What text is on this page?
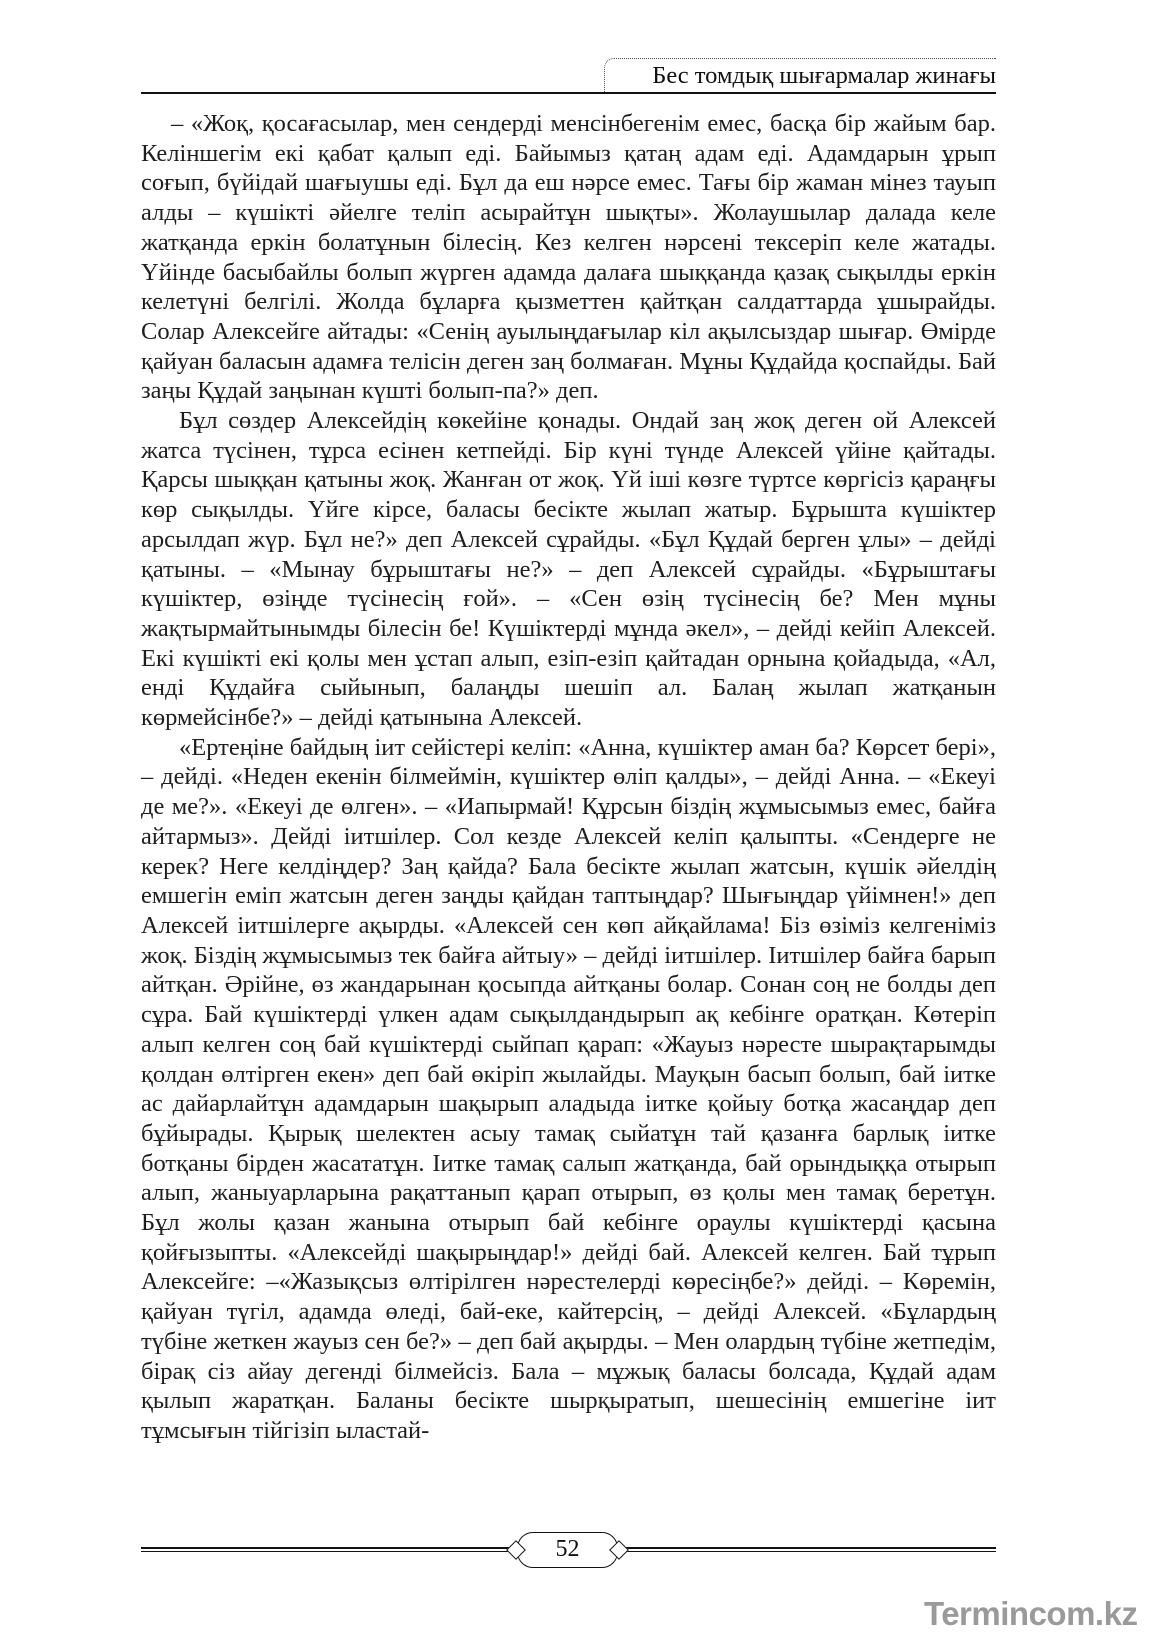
Бес томдық шығармалар жинағы

– «Жоқ, қосағасылар, мен сендерді менсінбегенім емес, басқа бір жайым бар. Келіншегім екі қабат қалып еді. Байымыз қатаң адам еді. Адамдарын ұрып соғып, бүйідай шағыушы еді. Бұл да еш нәрсе емес. Тағы бір жаман мінез тауып алды – күшікті әйелге теліп асырайтұн шықты». Жолаушылар далада келе жатқанда еркін болатұнын білесің. Кез келген нәрсені тексеріп келе жатады. Үйінде басыбайлы болып жүрген адамда далаға шыққанда қазақ сықылды еркін келетүні белгілі. Жолда бұларға қызметтен қайтқан салдаттарда ұшырайды. Солар Алексейге айтады: «Сенің ауылыңдағылар кіл ақылсыздар шығар. Өмірде қайуан баласын адамға телісін деген заң болмаған. Мұны Құдайда қоспайды. Бай заңы Құдай заңынан күшті болып-па?» деп.

Бұл сөздер Алексейдің көкейіне қонады. Ондай заң жоқ деген ой Алексей жатса түсінен, тұрса есінен кетпейді. Бір күні түнде Алексей үйіне қайтады. Қарсы шыққан қатыны жоқ. Жанған от жоқ. Үй іші көзге түртсе көргісіз қараңғы көр сықылды. Үйге кірсе, баласы бесікте жылап жатыр. Бұрышта күшіктер арсылдап жүр. Бұл не?» деп Алексей сұрайды. «Бұл Құдай берген ұлы» – дейді қатыны. – «Мынау бұрыштағы не?» – деп Алексей сұрайды. «Бұрыштағы күшіктер, өзіңде түсінесің ғой». – «Сен өзің түсінесің бе? Мен мұны жақтырмайтынымды білесін бе! Күшіктерді мұнда әкел», – дейді кейіп Алексей. Екі күшікті екі қолы мен ұстап алып, езіп-езіп қайтадан орнына қойадыда, «Ал, енді Құдайға сыйынып, балаңды шешіп ал. Балаң жылап жатқанын көрмейсінбе?» – дейді қатынына Алексей.

«Ертеңіне байдың іит сейістері келіп: «Анна, күшіктер аман ба? Көрсет бері», – дейді. «Неден екенін білмеймін, күшіктер өліп қалды», – дейді Анна. – «Екеуі де ме?». «Екеуі де өлген». – «Иапырмай! Құрсын біздің жұмысымыз емес, байға айтармыз». Дейді іитшілер. Сол кезде Алексей келіп қалыпты. «Сендерге не керек? Неге келдіңдер? Заң қайда? Бала бесікте жылап жатсын, күшік әйелдің емшегін еміп жатсын деген заңды қайдан таптыңдар? Шығыңдар үйімнен!» деп Алексей іитшілерге ақырды. «Алексей сен көп айқайлама! Біз өзіміз келгеніміз жоқ. Біздің жұмысымыз тек байға айтыу» – дейді іитшілер. Іитшілер байға барып айтқан. Әрійне, өз жандарынан қосыпда айтқаны болар. Сонан соң не болды деп сұра. Бай күшіктерді үлкен адам сықылдандырып ақ кебінге оратқан. Көтеріп алып келген соң бай күшіктерді сыйпап қарап: «Жауыз нәресте шырақтарымды қолдан өлтірген екен» деп бай өкіріп жылайды. Мауқын басып болып, бай іитке ас дайарлайтұн адамдарын шақырып аладыда іитке қойыу ботқа жасаңдар деп бұйырады. Қырық шелектен асыу тамақ сыйатұн тай қазанға барлық іитке ботқаны бірден жасататұн. Іитке тамақ салып жатқанда, бай орындыққа отырып алып, жаныуарларына рақаттанып қарап отырып, өз қолы мен тамақ беретұн. Бұл жолы қазан жанына отырып бай кебінге ораулы күшіктерді қасына қойғызыпты. «Алексейді шақырыңдар!» дейді бай. Алексей келген. Бай тұрып Алексейге: –«Жазықсыз өлтірілген нәрестелерді көресіңбе?» дейді. – Көремін, қайуан түгіл, адамда өледі, бай-еке, кайтерсің, – дейді Алексей. «Бұлардың түбіне жеткен жауыз сен бе?» – деп бай ақырды. – Мен олардың түбіне жетпедім, бірақ сіз айау дегенді білмейсіз. Бала – мұжық баласы болсада, Құдай адам қылып жаратқан. Баланы бесікте шырқыратып, шешесінің емшегіне іит тұмсығын тійгізіп ыластай-

52
Termincom.kz
